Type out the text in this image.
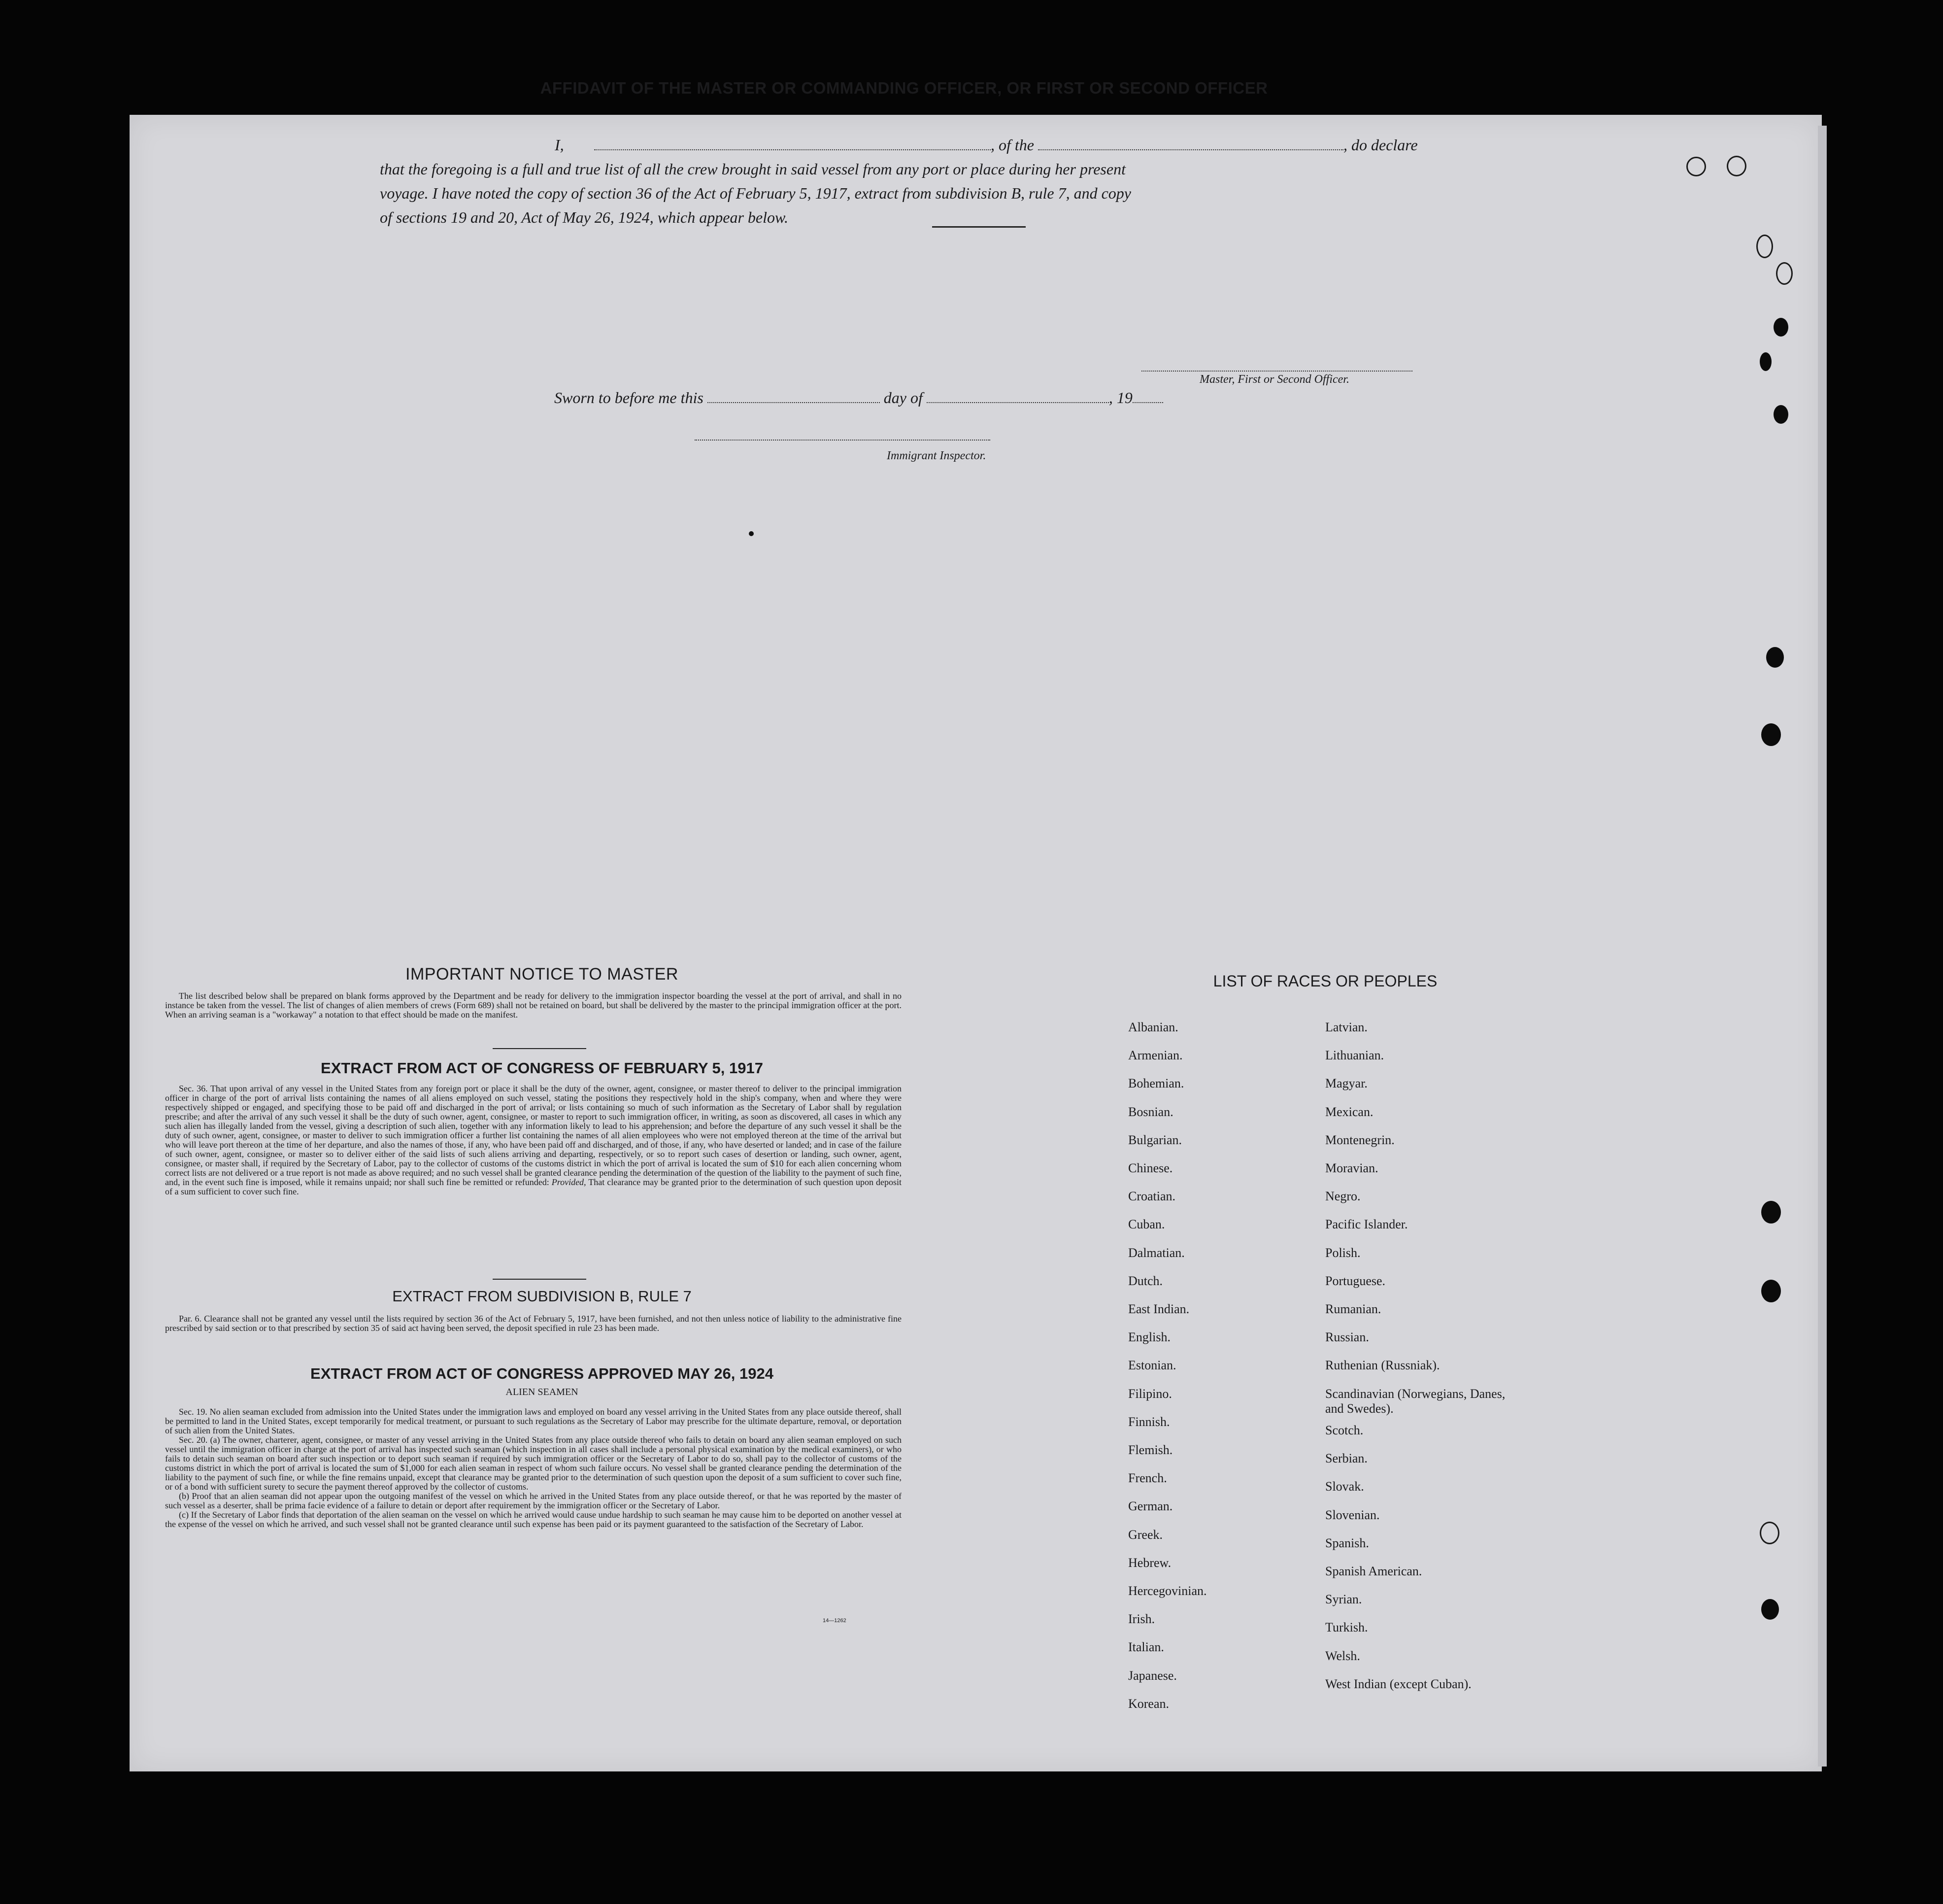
AFFIDAVIT OF THE MASTER OR COMMANDING OFFICER, OR FIRST OR SECOND OFFICER
I,	, of the	, do declare
that the foregoing is a full and true list of all the crew brought in said vessel from any port or place during her present
voyage. I have noted the copy of section 36 of the Act of February 5, 1917, extract from subdivision B, rule 7, and copy
of sections 19 and 20, Act of May 26, 1924, which appear below.
Master, First or Second Officer.
Sworn to before me this	day of	, 19
Immigrant Inspector.
IMPORTANT NOTICE TO MASTER

The list described below shall be prepared on blank forms approved by the Department and be ready for delivery to the immigration inspector boarding the vessel at the port of arrival, and shall in no instance be taken from the vessel. The list of changes of alien members of crews (Form 689) shall not be retained on board, but shall be delivered by the master to the principal immigration officer at the port. When an arriving seaman is a "workaway" a notation to that effect should be made on the manifest.

EXTRACT FROM ACT OF CONGRESS OF FEBRUARY 5, 1917

Sec. 36. That upon arrival of any vessel in the United States from any foreign port or place it shall be the duty of the owner, agent, consignee, or master thereof to deliver to the principal immigration officer in charge of the port of arrival lists containing the names of all aliens employed on such vessel, stating the positions they respectively hold in the ship's company, when and where they were respectively shipped or engaged, and specifying those to be paid off and discharged in the port of arrival; or lists containing so much of such information as the Secretary of Labor shall by regulation prescribe; and after the arrival of any such vessel it shall be the duty of such owner, agent, consignee, or master to report to such immigration officer, in writing, as soon as discovered, all cases in which any such alien has illegally landed from the vessel, giving a description of such alien, together with any information likely to lead to his apprehension; and before the departure of any such vessel it shall be the duty of such owner, agent, consignee, or master to deliver to such immigration officer a further list containing the names of all alien employees who were not employed thereon at the time of the arrival but who will leave port thereon at the time of her departure, and also the names of those, if any, who have been paid off and discharged, and of those, if any, who have deserted or landed; and in case of the failure of such owner, agent, consignee, or master so to deliver either of the said lists of such aliens arriving and departing, respectively, or so to report such cases of desertion or landing, such owner, agent, consignee, or master shall, if required by the Secretary of Labor, pay to the collector of customs of the customs district in which the port of arrival is located the sum of $10 for each alien concerning whom correct lists are not delivered or a true report is not made as above required; and no such vessel shall be granted clearance pending the determination of the question of the liability to the payment of such fine, and, in the event such fine is imposed, while it remains unpaid; nor shall such fine be remitted or refunded: Provided, That clearance may be granted prior to the determination of such question upon deposit of a sum sufficient to cover such fine.

EXTRACT FROM SUBDIVISION B, RULE 7

Par. 6. Clearance shall not be granted any vessel until the lists required by section 36 of the Act of February 5, 1917, have been furnished, and not then unless notice of liability to the administrative fine prescribed by said section or to that prescribed by section 35 of said act having been served, the deposit specified in rule 23 has been made.

EXTRACT FROM ACT OF CONGRESS APPROVED MAY 26, 1924
ALIEN SEAMEN

Sec. 19. No alien seaman excluded from admission into the United States under the immigration laws and employed on board any vessel arriving in the United States from any place outside thereof, shall be permitted to land in the United States, except temporarily for medical treatment, or pursuant to such regulations as the Secretary of Labor may prescribe for the ultimate departure, removal, or deportation of such alien from the United States.

Sec. 20. (a) The owner, charterer, agent, consignee, or master of any vessel arriving in the United States from any place outside thereof who fails to detain on board any alien seaman employed on such vessel until the immigration officer in charge at the port of arrival has inspected such seaman (which inspection in all cases shall include a personal physical examination by the medical examiners), or who fails to detain such seaman on board after such inspection or to deport such seaman if required by such immigration officer or the Secretary of Labor to do so, shall pay to the collector of customs of the customs district in which the port of arrival is located the sum of $1,000 for each alien seaman in respect of whom such failure occurs. No vessel shall be granted clearance pending the determination of the liability to the payment of such fine, or while the fine remains unpaid, except that clearance may be granted prior to the determination of such question upon the deposit of a sum sufficient to cover such fine, or of a bond with sufficient surety to secure the payment thereof approved by the collector of customs.

(b) Proof that an alien seaman did not appear upon the outgoing manifest of the vessel on which he arrived in the United States from any place outside thereof, or that he was reported by the master of such vessel as a deserter, shall be prima facie evidence of a failure to detain or deport after requirement by the immigration officer or the Secretary of Labor.

(c) If the Secretary of Labor finds that deportation of the alien seaman on the vessel on which he arrived would cause undue hardship to such seaman he may cause him to be deported on another vessel at the expense of the vessel on which he arrived, and such vessel shall not be granted clearance until such expense has been paid or its payment guaranteed to the satisfaction of the Secretary of Labor.

14—1262
LIST OF RACES OR PEOPLES
Albanian.
Armenian.
Bohemian.
Bosnian.
Bulgarian.
Chinese.
Croatian.
Cuban.
Dalmatian.
Dutch.
East Indian.
English.
Estonian.
Filipino.
Finnish.
Flemish.
French.
German.
Greek.
Hebrew.
Hercegovinian.
Irish.
Italian.
Japanese.
Korean.
Latvian.
Lithuanian.
Magyar.
Mexican.
Montenegrin.
Moravian.
Negro.
Pacific Islander.
Polish.
Portuguese.
Rumanian.
Russian.
Ruthenian (Russniak).
Scandinavian (Norwegians, Danes, and Swedes).
Scotch.
Serbian.
Slovak.
Slovenian.
Spanish.
Spanish American.
Syrian.
Turkish.
Welsh.
West Indian (except Cuban).
